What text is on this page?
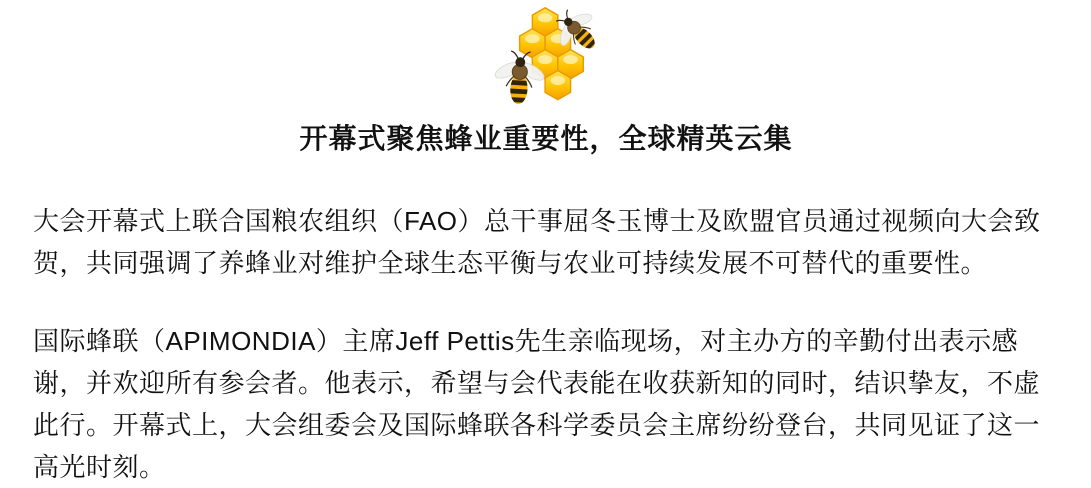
开幕式聚焦蜂业重要性，全球精英云集

大会开幕式上联合国粮农组织（FAO）总干事屈冬玉博士及欧盟官员通过视频向大会致贺，共同强调了养蜂业对维护全球生态平衡与农业可持续发展不可替代的重要性。

国际蜂联（APIMONDIA）主席Jeff Pettis先生亲临现场，对主办方的辛勤付出表示感谢，并欢迎所有参会者。他表示，希望与会代表能在收获新知的同时，结识挚友，不虚此行。开幕式上，大会组委会及国际蜂联各科学委员会主席纷纷登台，共同见证了这一高光时刻。
